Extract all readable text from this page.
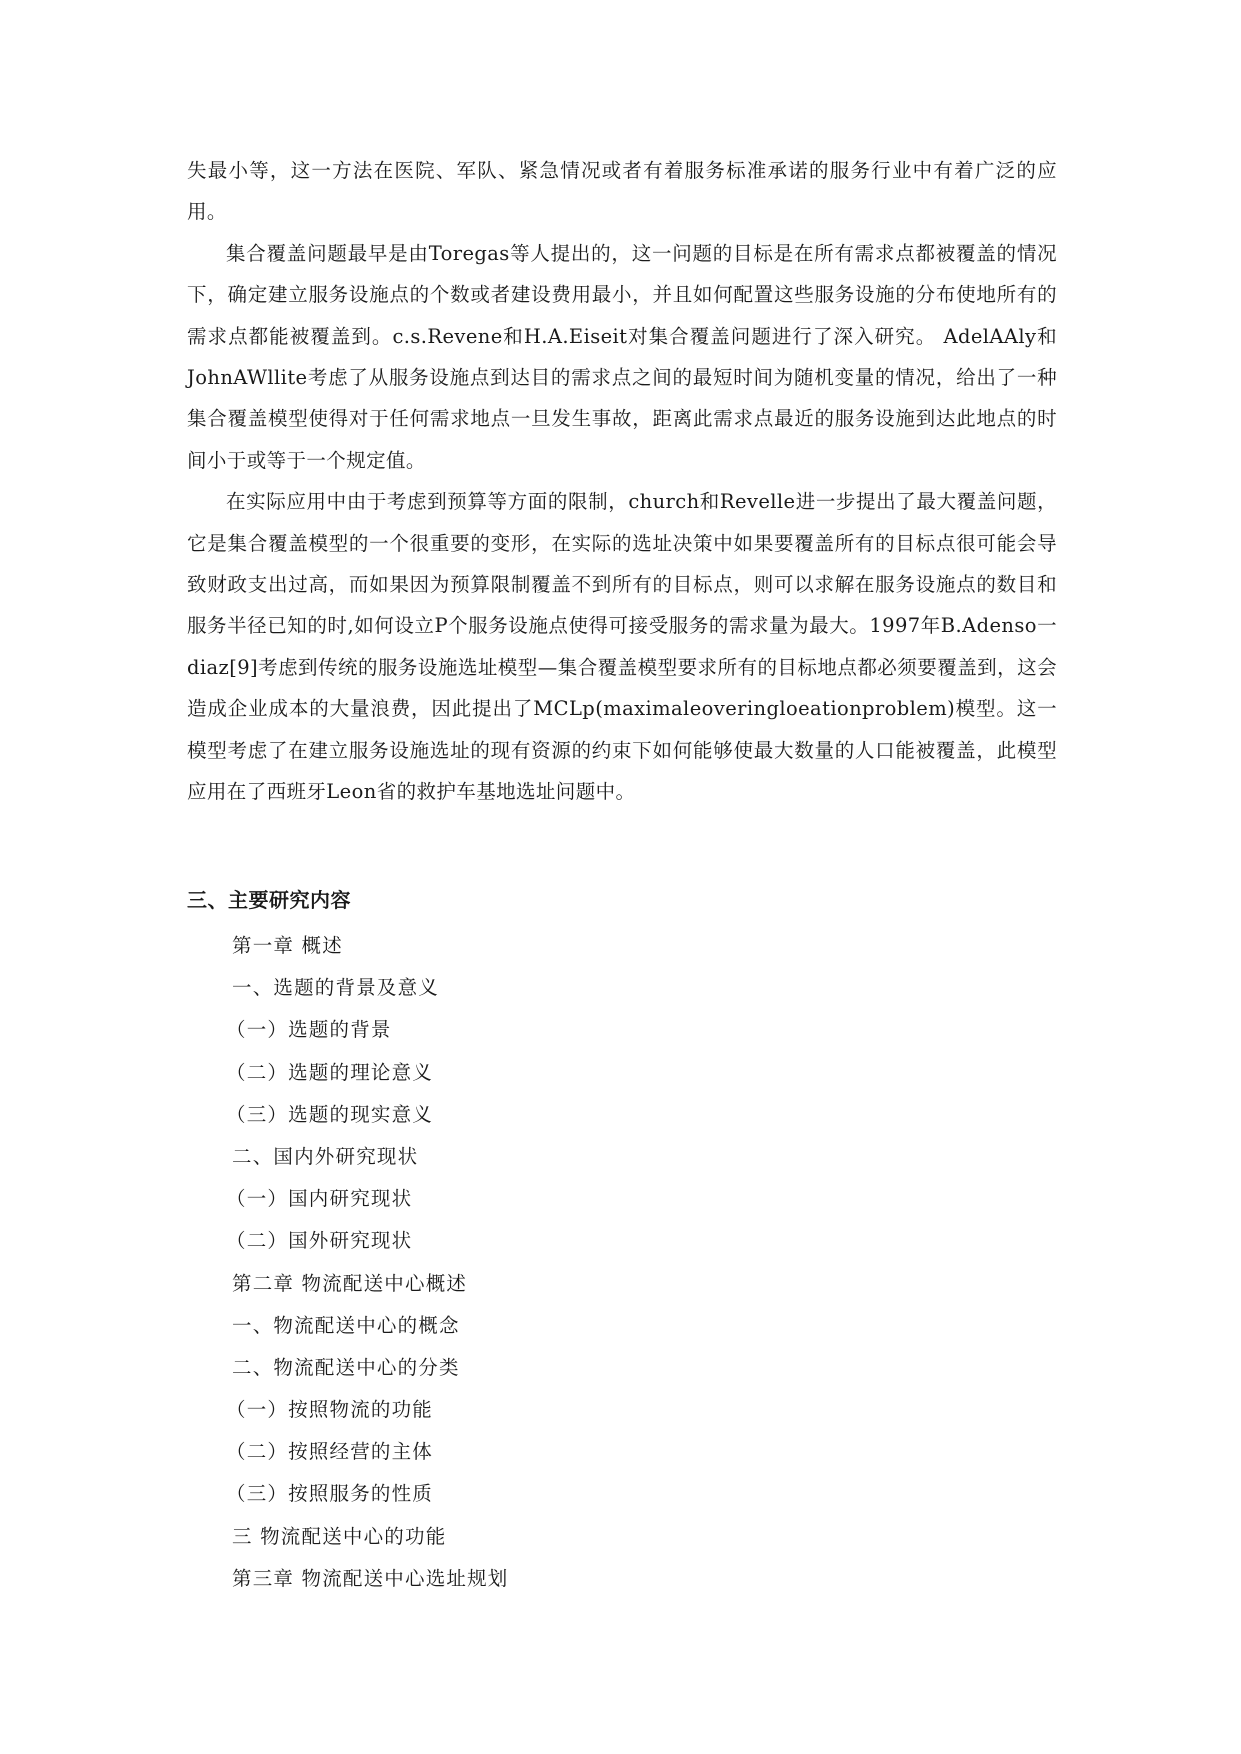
失最小等，这一方法在医院、军队、紧急情况或者有着服务标准承诺的服务行业中有着广泛的应用。

集合覆盖问题最早是由Toregas等人提出的，这一问题的目标是在所有需求点都被覆盖的情况下，确定建立服务设施点的个数或者建设费用最小，并且如何配置这些服务设施的分布使地所有的需求点都能被覆盖到。c.s.Revene和H.A.Eiseit对集合覆盖问题进行了深入研究。 AdelAAly和 JohnAWllite考虑了从服务设施点到达目的需求点之间的最短时间为随机变量的情况，给出了一种集合覆盖模型使得对于任何需求地点一旦发生事故，距离此需求点最近的服务设施到达此地点的时间小于或等于一个规定值。

在实际应用中由于考虑到预算等方面的限制，church和Revelle进一步提出了最大覆盖问题，它是集合覆盖模型的一个很重要的变形，在实际的选址决策中如果要覆盖所有的目标点很可能会导致财政支出过高，而如果因为预算限制覆盖不到所有的目标点，则可以求解在服务设施点的数目和服务半径已知的时,如何设立P个服务设施点使得可接受服务的需求量为最大。1997年B.Adenso一diaz[9]考虑到传统的服务设施选址模型—集合覆盖模型要求所有的目标地点都必须要覆盖到，这会造成企业成本的大量浪费，因此提出了MCLp(maximaleoveringloeationproblem)模型。这一模型考虑了在建立服务设施选址的现有资源的约束下如何能够使最大数量的人口能被覆盖，此模型应用在了西班牙Leon省的救护车基地选址问题中。

三、主要研究内容
第一章 概述
一、选题的背景及意义
（一）选题的背景
（二）选题的理论意义
（三）选题的现实意义
二、国内外研究现状
（一）国内研究现状
（二）国外研究现状
第二章 物流配送中心概述
一、物流配送中心的概念
二、物流配送中心的分类
（一）按照物流的功能
（二）按照经营的主体
（三）按照服务的性质
三 物流配送中心的功能
第三章 物流配送中心选址规划
